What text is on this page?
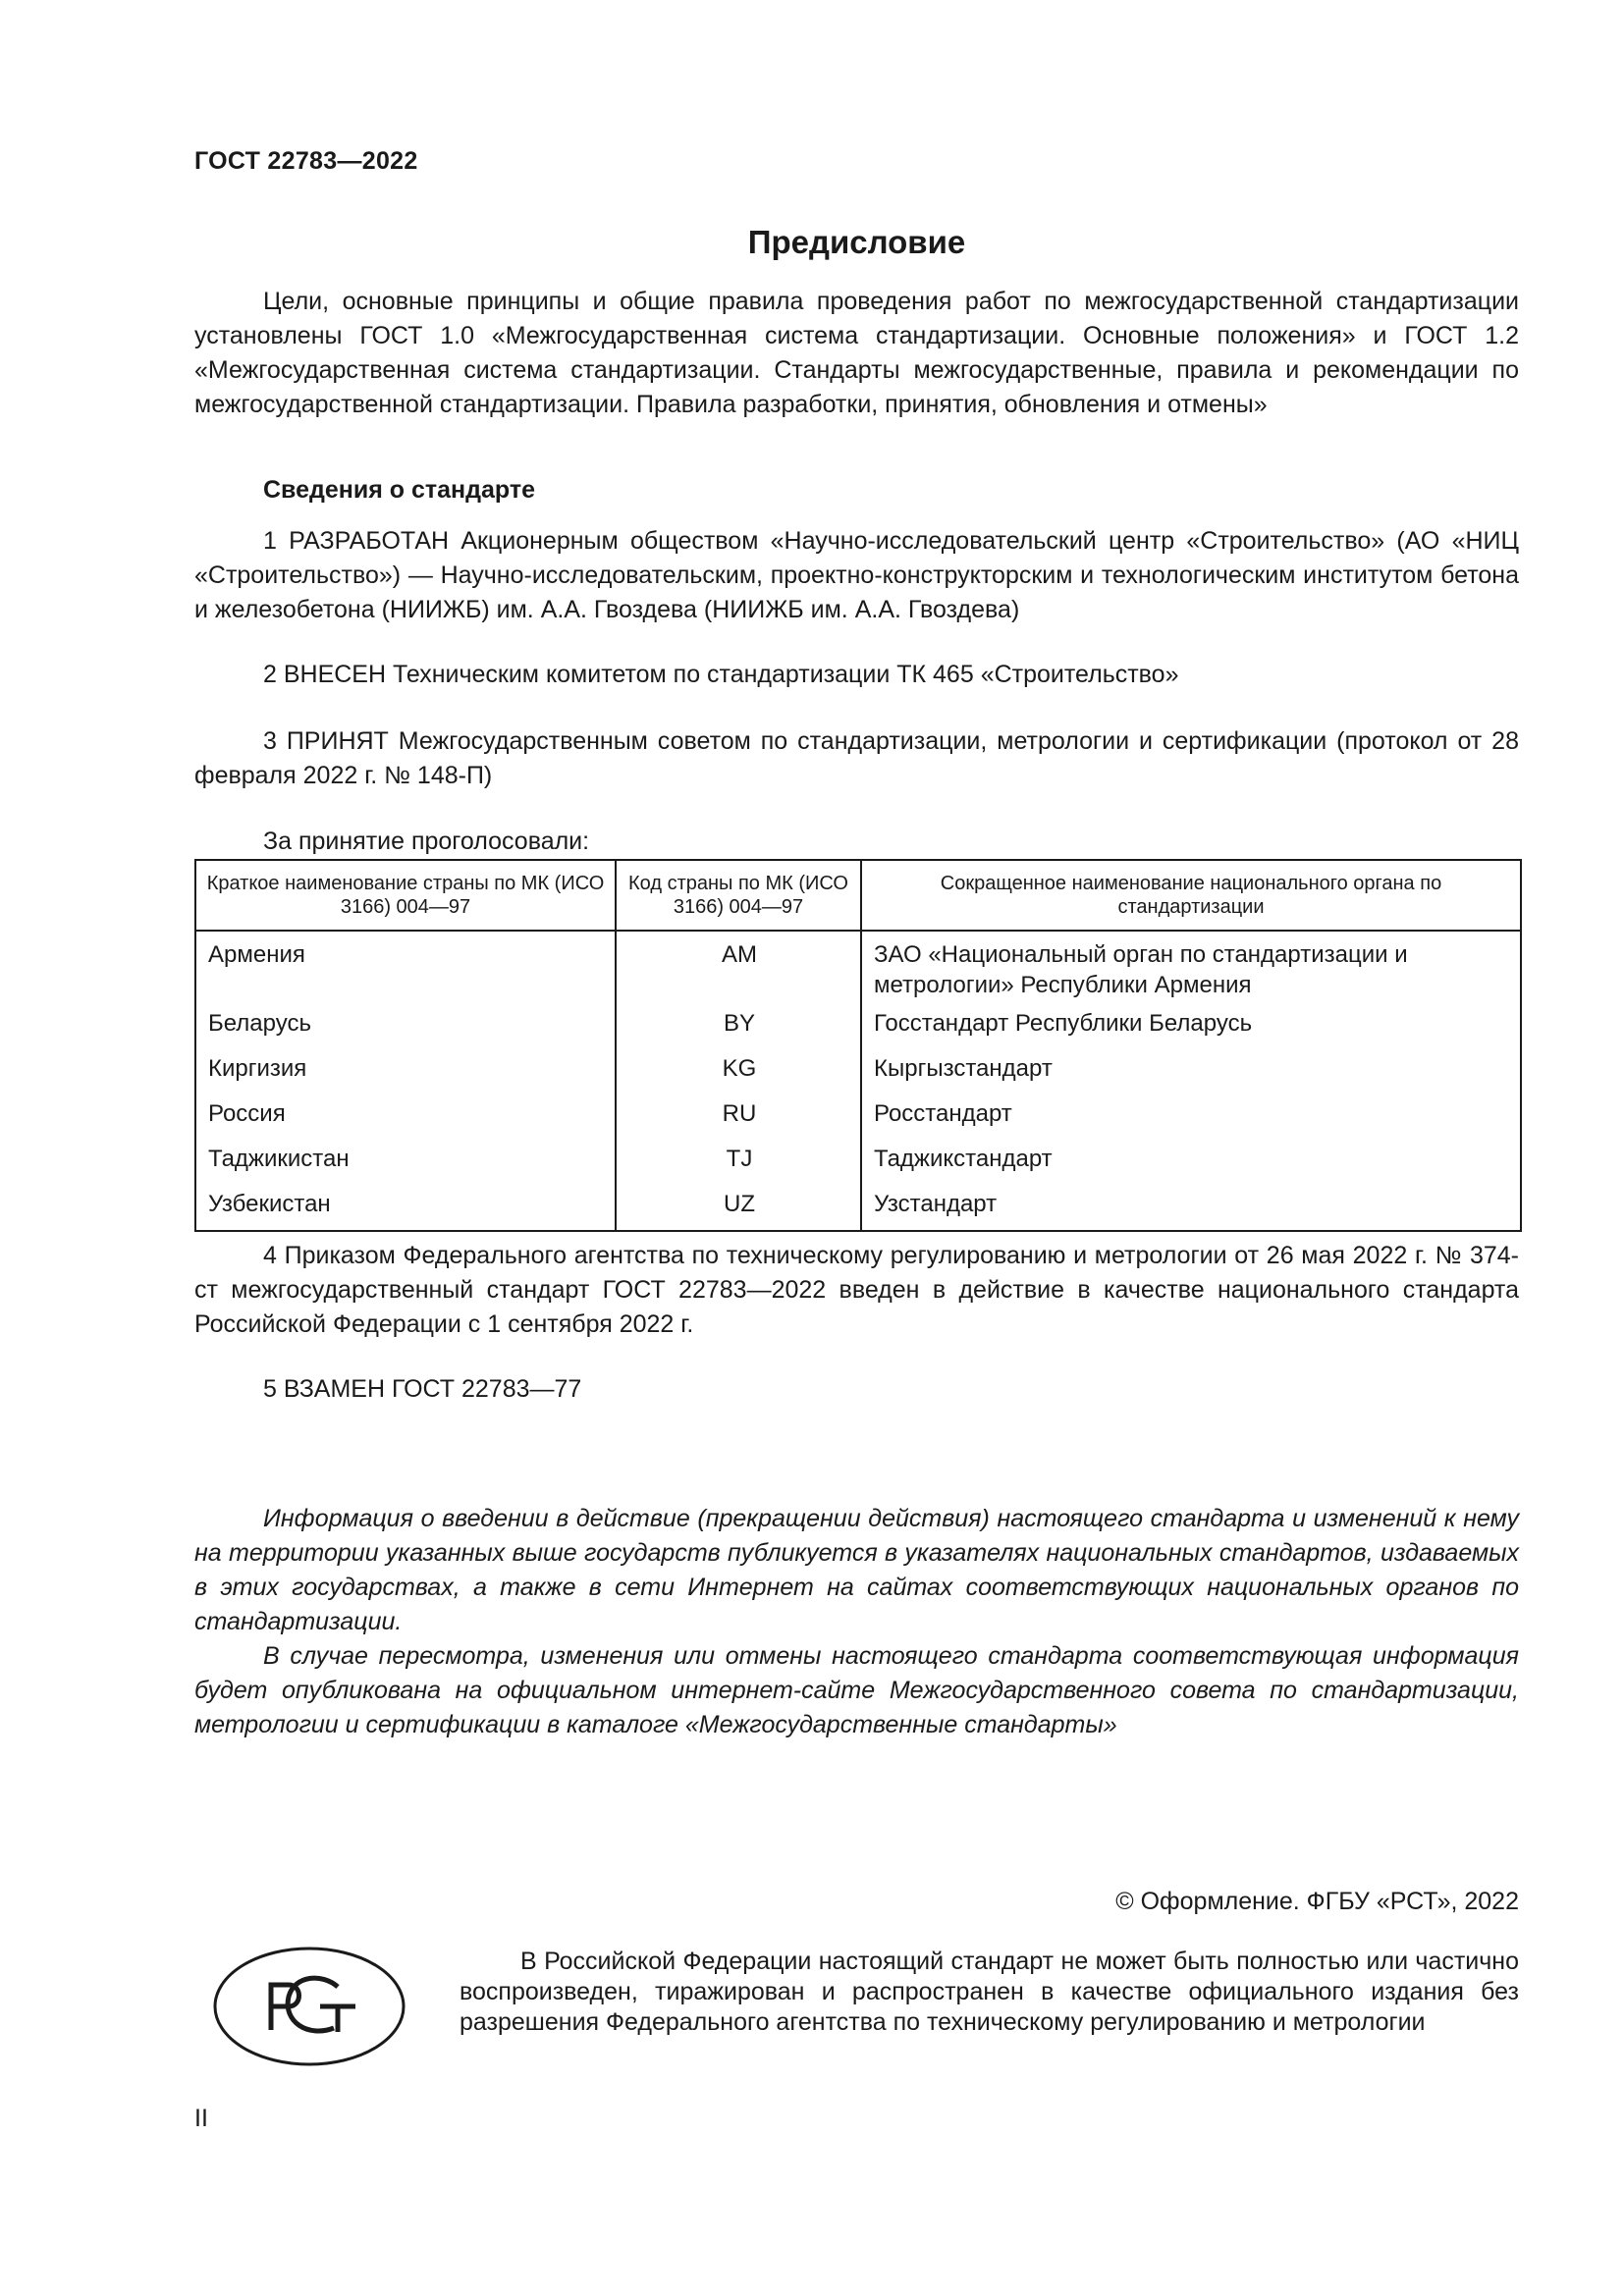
ГОСТ 22783—2022
Предисловие

Цели, основные принципы и общие правила проведения работ по межгосударственной стандартизации установлены ГОСТ 1.0 «Межгосударственная система стандартизации. Основные положения» и ГОСТ 1.2 «Межгосударственная система стандартизации. Стандарты межгосударственные, правила и рекомендации по межгосударственной стандартизации. Правила разработки, принятия, обновления и отмены»

Сведения о стандарте

1 РАЗРАБОТАН Акционерным обществом «Научно-исследовательский центр «Строительство» (АО «НИЦ «Строительство») — Научно-исследовательским, проектно-конструкторским и технологическим институтом бетона и железобетона (НИИЖБ) им. А.А. Гвоздева (НИИЖБ им. А.А. Гвоздева)

2 ВНЕСЕН Техническим комитетом по стандартизации ТК 465 «Строительство»

3 ПРИНЯТ Межгосударственным советом по стандартизации, метрологии и сертификации (протокол от 28 февраля 2022 г. № 148-П)

За принятие проголосовали:

Краткое наименование страны по МК (ИСО 3166) 004—97	Код страны по МК (ИСО 3166) 004—97	Сокращенное наименование национального органа по стандартизации
Армения	AM	ЗАО «Национальный орган по стандартизации и метрологии» Республики Армения
Беларусь	BY	Госстандарт Республики Беларусь
Киргизия	KG	Кыргызстандарт
Россия	RU	Росстандарт
Таджикистан	TJ	Таджикстандарт
Узбекистан	UZ	Узстандарт

4 Приказом Федерального агентства по техническому регулированию и метрологии от 26 мая 2022 г. № 374-ст межгосударственный стандарт ГОСТ 22783—2022 введен в действие в качестве национального стандарта Российской Федерации с 1 сентября 2022 г.

5 ВЗАМЕН ГОСТ 22783—77

Информация о введении в действие (прекращении действия) настоящего стандарта и изменений к нему на территории указанных выше государств публикуется в указателях национальных стандартов, издаваемых в этих государствах, а также в сети Интернет на сайтах соответствующих национальных органов по стандартизации.

В случае пересмотра, изменения или отмены настоящего стандарта соответствующая информация будет опубликована на официальном интернет-сайте Межгосударственного совета по стандартизации, метрологии и сертификации в каталоге «Межгосударственные стандарты»

© Оформление. ФГБУ «РСТ», 2022

В Российской Федерации настоящий стандарт не может быть полностью или частично воспроизведен, тиражирован и распространен в качестве официального издания без разрешения Федерального агентства по техническому регулированию и метрологии

II
